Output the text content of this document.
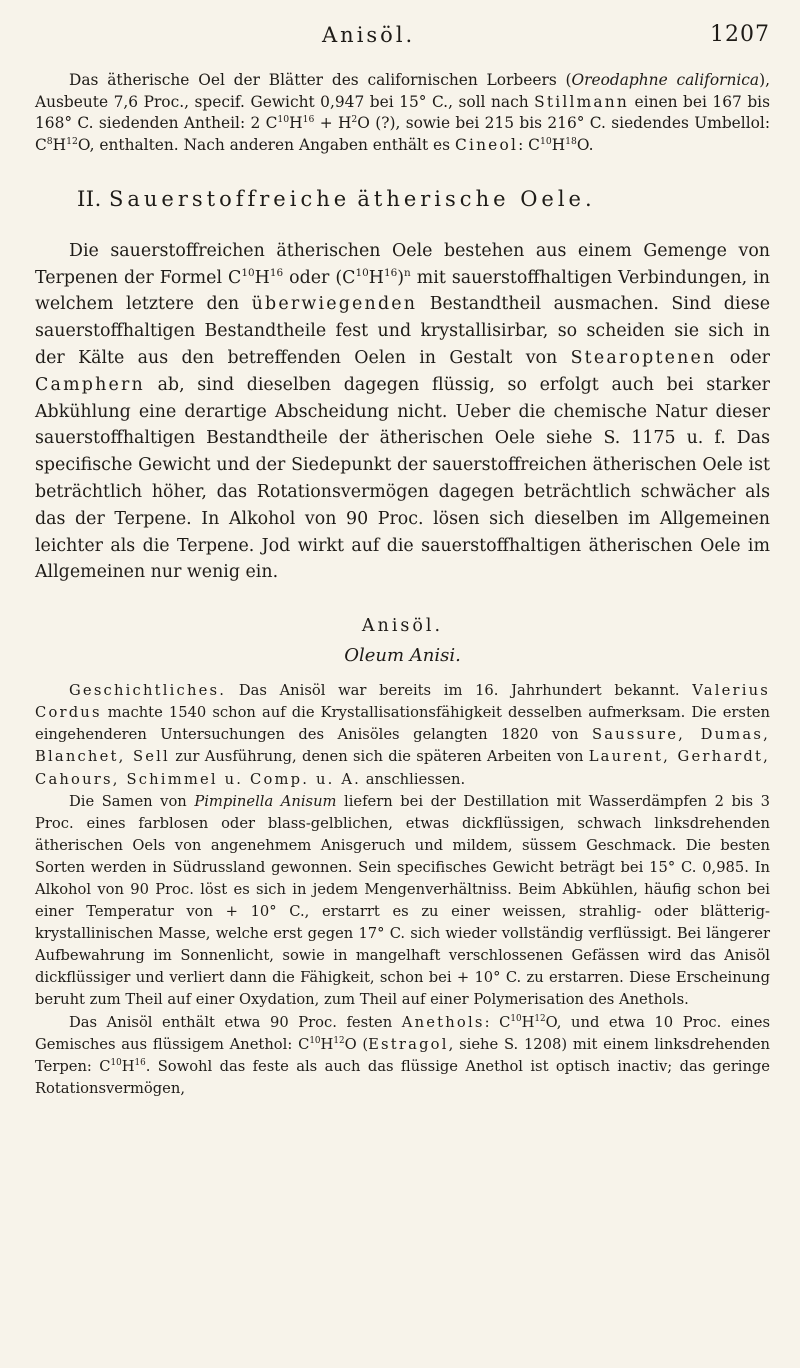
Anisöl.	1207

Das ätherische Oel der Blätter des californischen Lorbeers (Oreodaphne californica), Ausbeute 7,6 Proc., specif. Gewicht 0,947 bei 15° C., soll nach Stillmann einen bei 167 bis 168° C. siedenden Antheil: 2 $C^{10}H^{16} + H^2O$ (?), sowie bei 215 bis 216° C. siedendes Umbellol: $C^8H^{12}O$, enthalten. Nach anderen Angaben enthält es Cineol: $C^{10}H^{18}O$.

II. Sauerstoffreiche ätherische Oele.

Die sauerstoffreichen ätherischen Oele bestehen aus einem Gemenge von Terpenen der Formel $C^{10}H^{16}$ oder $(C^{10}H^{16})^n$ mit sauerstoffhaltigen Verbindungen, in welchem letztere den überwiegenden Bestandtheil ausmachen. Sind diese sauerstoffhaltigen Bestandtheile fest und krystallisirbar, so scheiden sie sich in der Kälte aus den betreffenden Oelen in Gestalt von Stearoptenen oder Camphern ab, sind dieselben dagegen flüssig, so erfolgt auch bei starker Abkühlung eine derartige Abscheidung nicht. Ueber die chemische Natur dieser sauerstoffhaltigen Bestandtheile der ätherischen Oele siehe S. 1175 u. f. Das specifische Gewicht und der Siedepunkt der sauerstoffreichen ätherischen Oele ist beträchtlich höher, das Rotationsvermögen dagegen beträchtlich schwächer als das der Terpene. In Alkohol von 90 Proc. lösen sich dieselben im Allgemeinen leichter als die Terpene. Jod wirkt auf die sauerstoffhaltigen ätherischen Oele im Allgemeinen nur wenig ein.

Anisöl.
Oleum Anisi.

Geschichtliches. Das Anisöl war bereits im 16. Jahrhundert bekannt. Valerius Cordus machte 1540 schon auf die Krystallisationsfähigkeit desselben aufmerksam. Die ersten eingehenderen Untersuchungen des Anisöles gelangten 1820 von Saussure, Dumas, Blanchet, Sell zur Ausführung, denen sich die späteren Arbeiten von Laurent, Gerhardt, Cahours, Schimmel u. Comp. u. A. anschliessen.

Die Samen von Pimpinella Anisum liefern bei der Destillation mit Wasserdämpfen 2 bis 3 Proc. eines farblosen oder blass-gelblichen, etwas dickflüssigen, schwach linksdrehenden ätherischen Oels von angenehmem Anisgeruch und mildem, süssem Geschmack. Die besten Sorten werden in Südrussland gewonnen. Sein specifisches Gewicht beträgt bei 15° C. 0,985. In Alkohol von 90 Proc. löst es sich in jedem Mengenverhältniss. Beim Abkühlen, häufig schon bei einer Temperatur von + 10° C., erstarrt es zu einer weissen, strahlig- oder blätterig-krystallinischen Masse, welche erst gegen 17° C. sich wieder vollständig verflüssigt. Bei längerer Aufbewahrung im Sonnenlicht, sowie in mangelhaft verschlossenen Gefässen wird das Anisöl dickflüssiger und verliert dann die Fähigkeit, schon bei + 10° C. zu erstarren. Diese Erscheinung beruht zum Theil auf einer Oxydation, zum Theil auf einer Polymerisation des Anethols.

Das Anisöl enthält etwa 90 Proc. festen Anethols: $C^{10}H^{12}O$, und etwa 10 Proc. eines Gemisches aus flüssigem Anethol: $C^{10}H^{12}O$ (Estragol, siehe S. 1208) mit einem linksdrehenden Terpen: $C^{10}H^{16}$. Sowohl das feste als auch das flüssige Anethol ist optisch inactiv; das geringe Rotationsvermögen,
